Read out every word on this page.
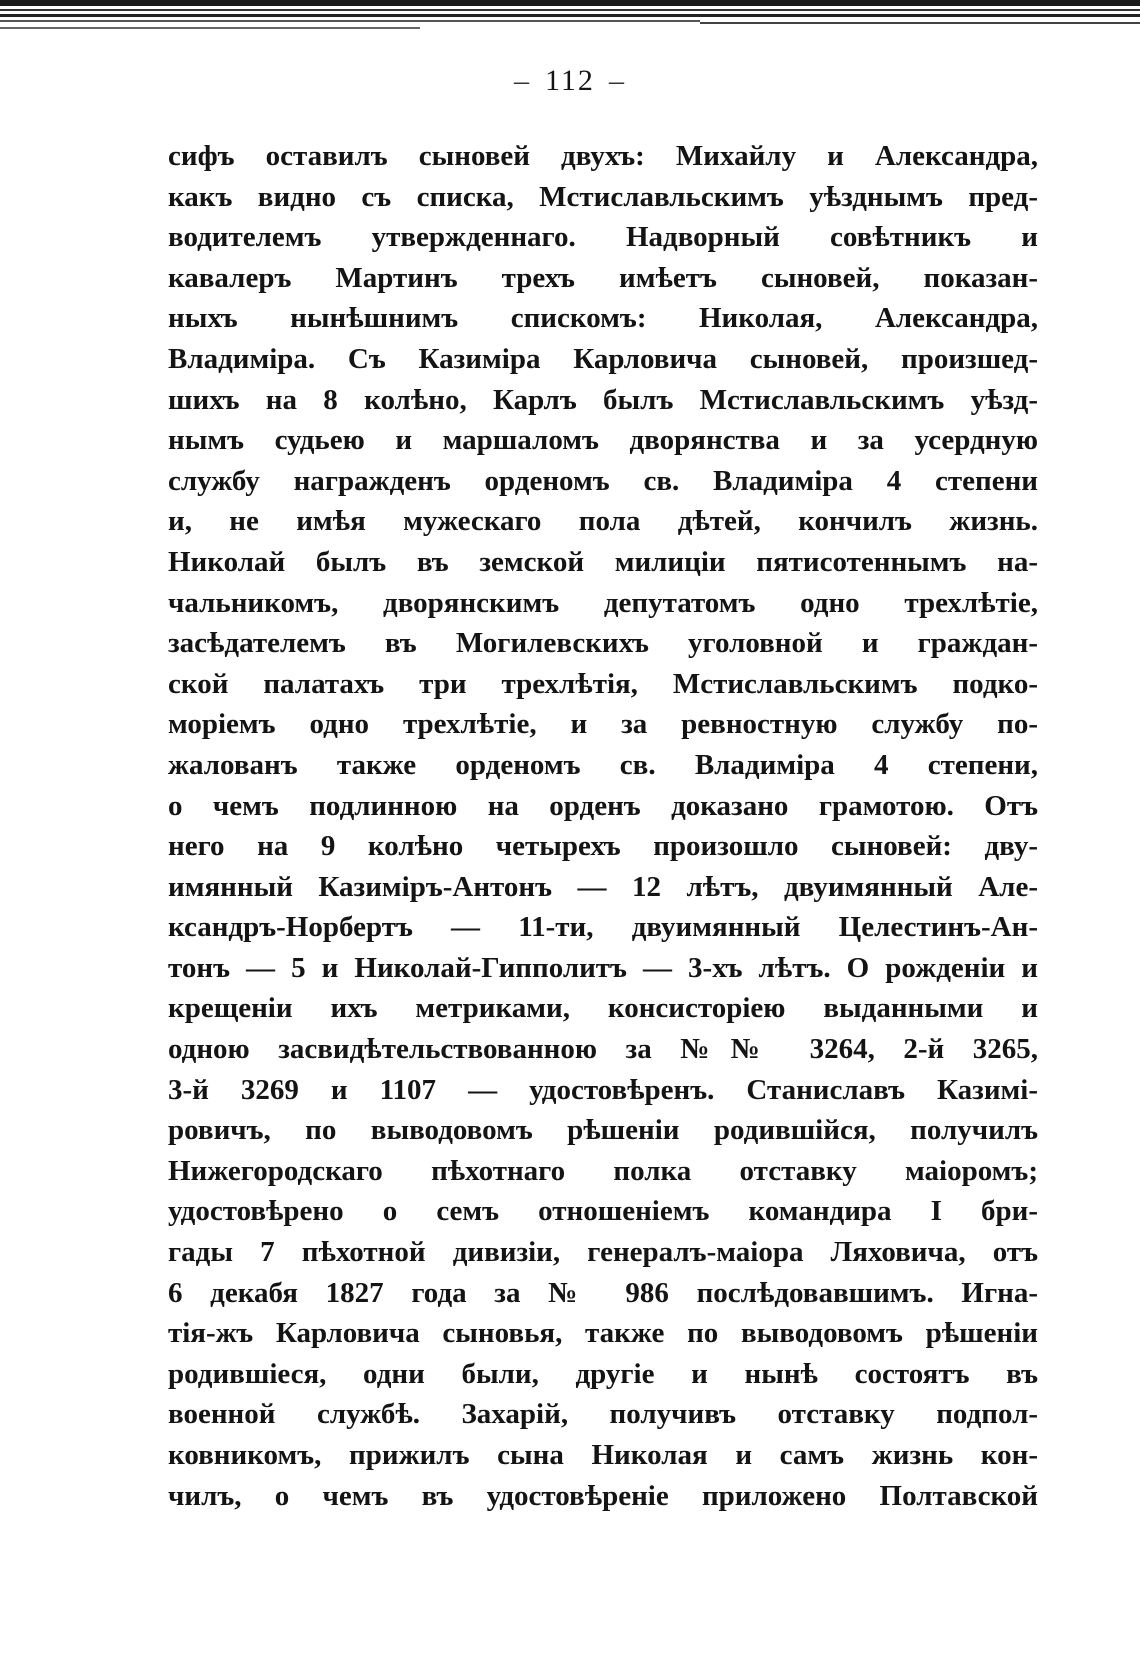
– 112 –
сифъ оставилъ сыновей двухъ: Михайлу и Александра,
какъ видно съ списка, Мстиславльскимъ уѣзднымъ пред-
водителемъ утвержденнаго. Надворный совѣтникъ и
кавалеръ Мартинъ трехъ имѣетъ сыновей, показан-
ныхъ нынѣшнимъ спискомъ: Николая, Александра,
Владиміра. Съ Казиміра Карловича сыновей, произшед-
шихъ на 8 колѣно, Карлъ былъ Мстиславльскимъ уѣзд-
нымъ судьею и маршаломъ дворянства и за усердную
службу награжденъ орденомъ св. Владиміра 4 степени
и, не имѣя мужескаго пола дѣтей, кончилъ жизнь.
Николай былъ въ земской милиціи пятисотеннымъ на-
чальникомъ, дворянскимъ депутатомъ одно трехлѣтіе,
засѣдателемъ въ Могилевскихъ уголовной и граждан-
ской палатахъ три трехлѣтія, Мстиславльскимъ подко-
моріемъ одно трехлѣтіе, и за ревностную службу по-
жалованъ также орденомъ св. Владиміра 4 степени,
о чемъ подлинною на орденъ доказано грамотою. Отъ
него на 9 колѣно четырехъ произошло сыновей: дву-
имянный Казиміръ-Антонъ — 12 лѣтъ, двуимянный Але-
ксандръ-Норбертъ — 11-ти, двуимянный Целестинъ-Ан-
тонъ — 5 и Николай-Гипполитъ — 3-хъ лѣтъ. О рожденіи и
крещеніи ихъ метриками, консисторіею выданными и
одною засвидѣтельствованною за №№ 3264, 2-й 3265,
3-й 3269 и 1107 — удостовѣренъ. Станиславъ Казимі-
ровичъ, по выводовомъ рѣшеніи родившійся, получилъ
Нижегородскаго пѣхотнаго полка отставку маіоромъ;
удостовѣрено о семъ отношеніемъ командира I бри-
гады 7 пѣхотной дивизіи, генералъ-маіора Ляховича, отъ
6 декабя 1827 года за № 986 послѣдовавшимъ. Игна-
тія-жъ Карловича сыновья, также по выводовомъ рѣшеніи
родившіеся, одни были, другіе и нынѣ состоятъ въ
военной службѣ. Захарій, получивъ отставку подпол-
ковникомъ, прижилъ сына Николая и самъ жизнь кон-
чилъ, о чемъ въ удостовѣреніе приложено Полтавской
